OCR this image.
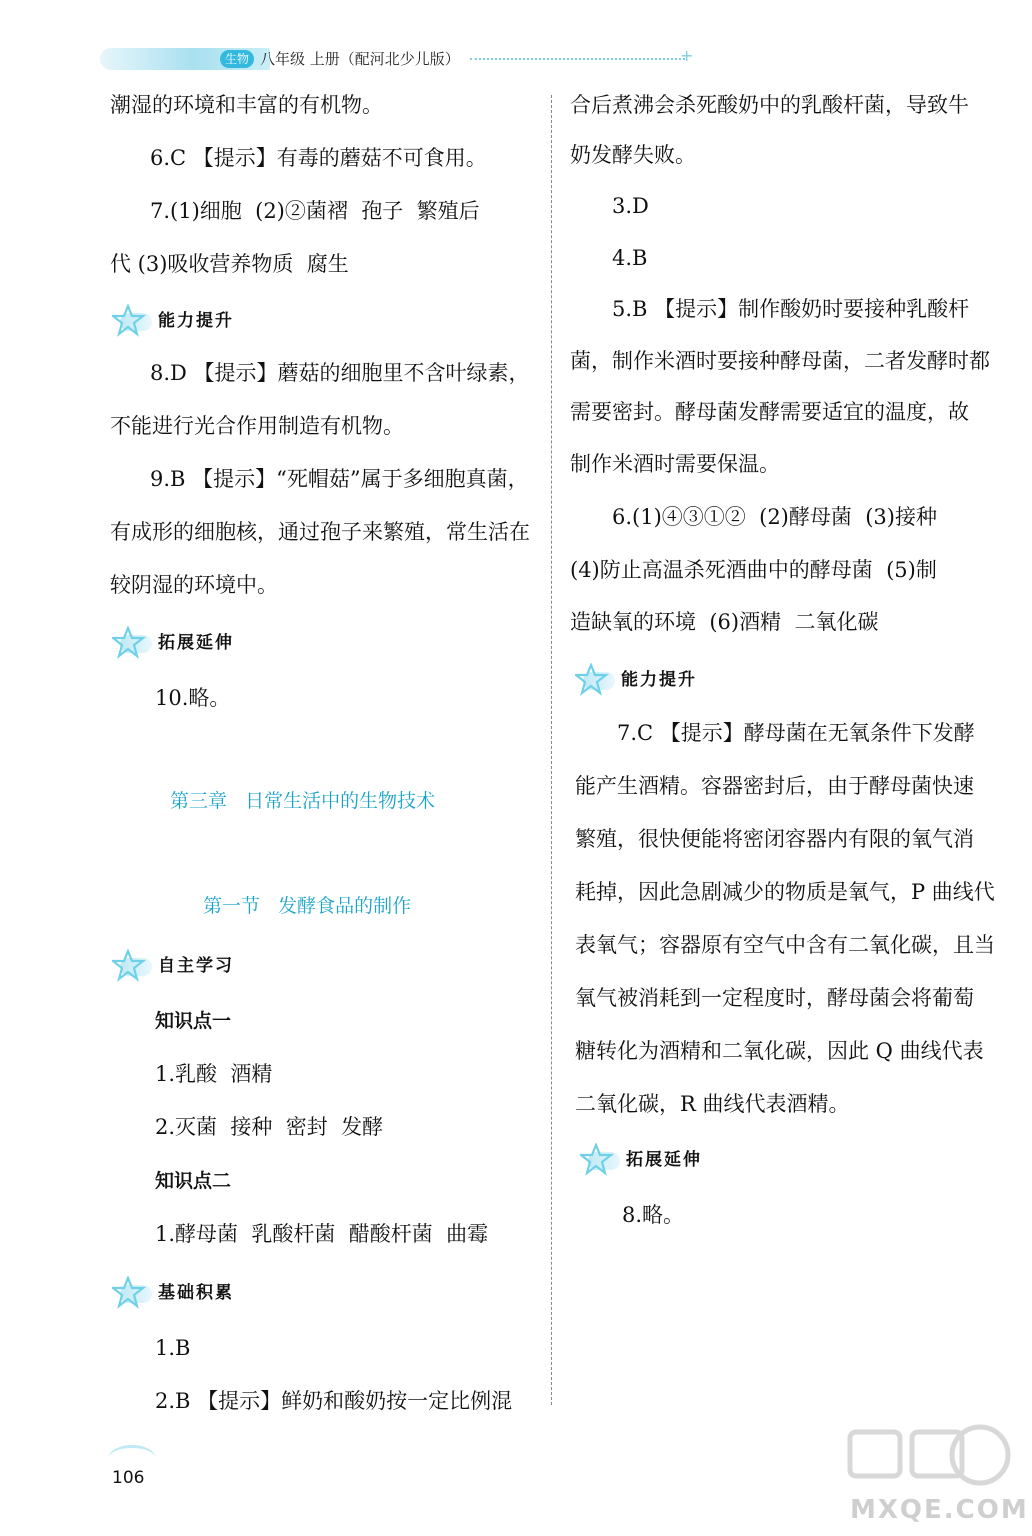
生物 八年级 上册（配河北少儿版）	+
潮湿的环境和丰富的有机物。
6.C 【提示】有毒的蘑菇不可食用。
7.(1)细胞  (2)②菌褶  孢子  繁殖后
代 (3)吸收营养物质  腐生
能力提升
8.D 【提示】蘑菇的细胞里不含叶绿素，
不能进行光合作用制造有机物。
9.B 【提示】“死帽菇”属于多细胞真菌，
有成形的细胞核，通过孢子来繁殖，常生活在
较阴湿的环境中。
拓展延伸
10.略。
第三章   日常生活中的生物技术
第一节   发酵食品的制作
自主学习
知识点一
1.乳酸  酒精
2.灭菌  接种  密封  发酵
知识点二
1.酵母菌  乳酸杆菌  醋酸杆菌  曲霉
基础积累
1.B
2.B 【提示】鲜奶和酸奶按一定比例混
合后煮沸会杀死酸奶中的乳酸杆菌，导致牛
奶发酵失败。
3.D
4.B
5.B 【提示】制作酸奶时要接种乳酸杆
菌，制作米酒时要接种酵母菌，二者发酵时都
需要密封。酵母菌发酵需要适宜的温度，故
制作米酒时需要保温。
6.(1)④③①②  (2)酵母菌  (3)接种
(4)防止高温杀死酒曲中的酵母菌  (5)制
造缺氧的环境  (6)酒精  二氧化碳
能力提升
7.C 【提示】酵母菌在无氧条件下发酵
能产生酒精。容器密封后，由于酵母菌快速
繁殖，很快便能将密闭容器内有限的氧气消
耗掉，因此急剧减少的物质是氧气，P 曲线代
表氧气；容器原有空气中含有二氧化碳，且当
氧气被消耗到一定程度时，酵母菌会将葡萄
糖转化为酒精和二氧化碳，因此 Q 曲线代表
二氧化碳，R 曲线代表酒精。
拓展延伸
8.略。
106
MXQE.COM
